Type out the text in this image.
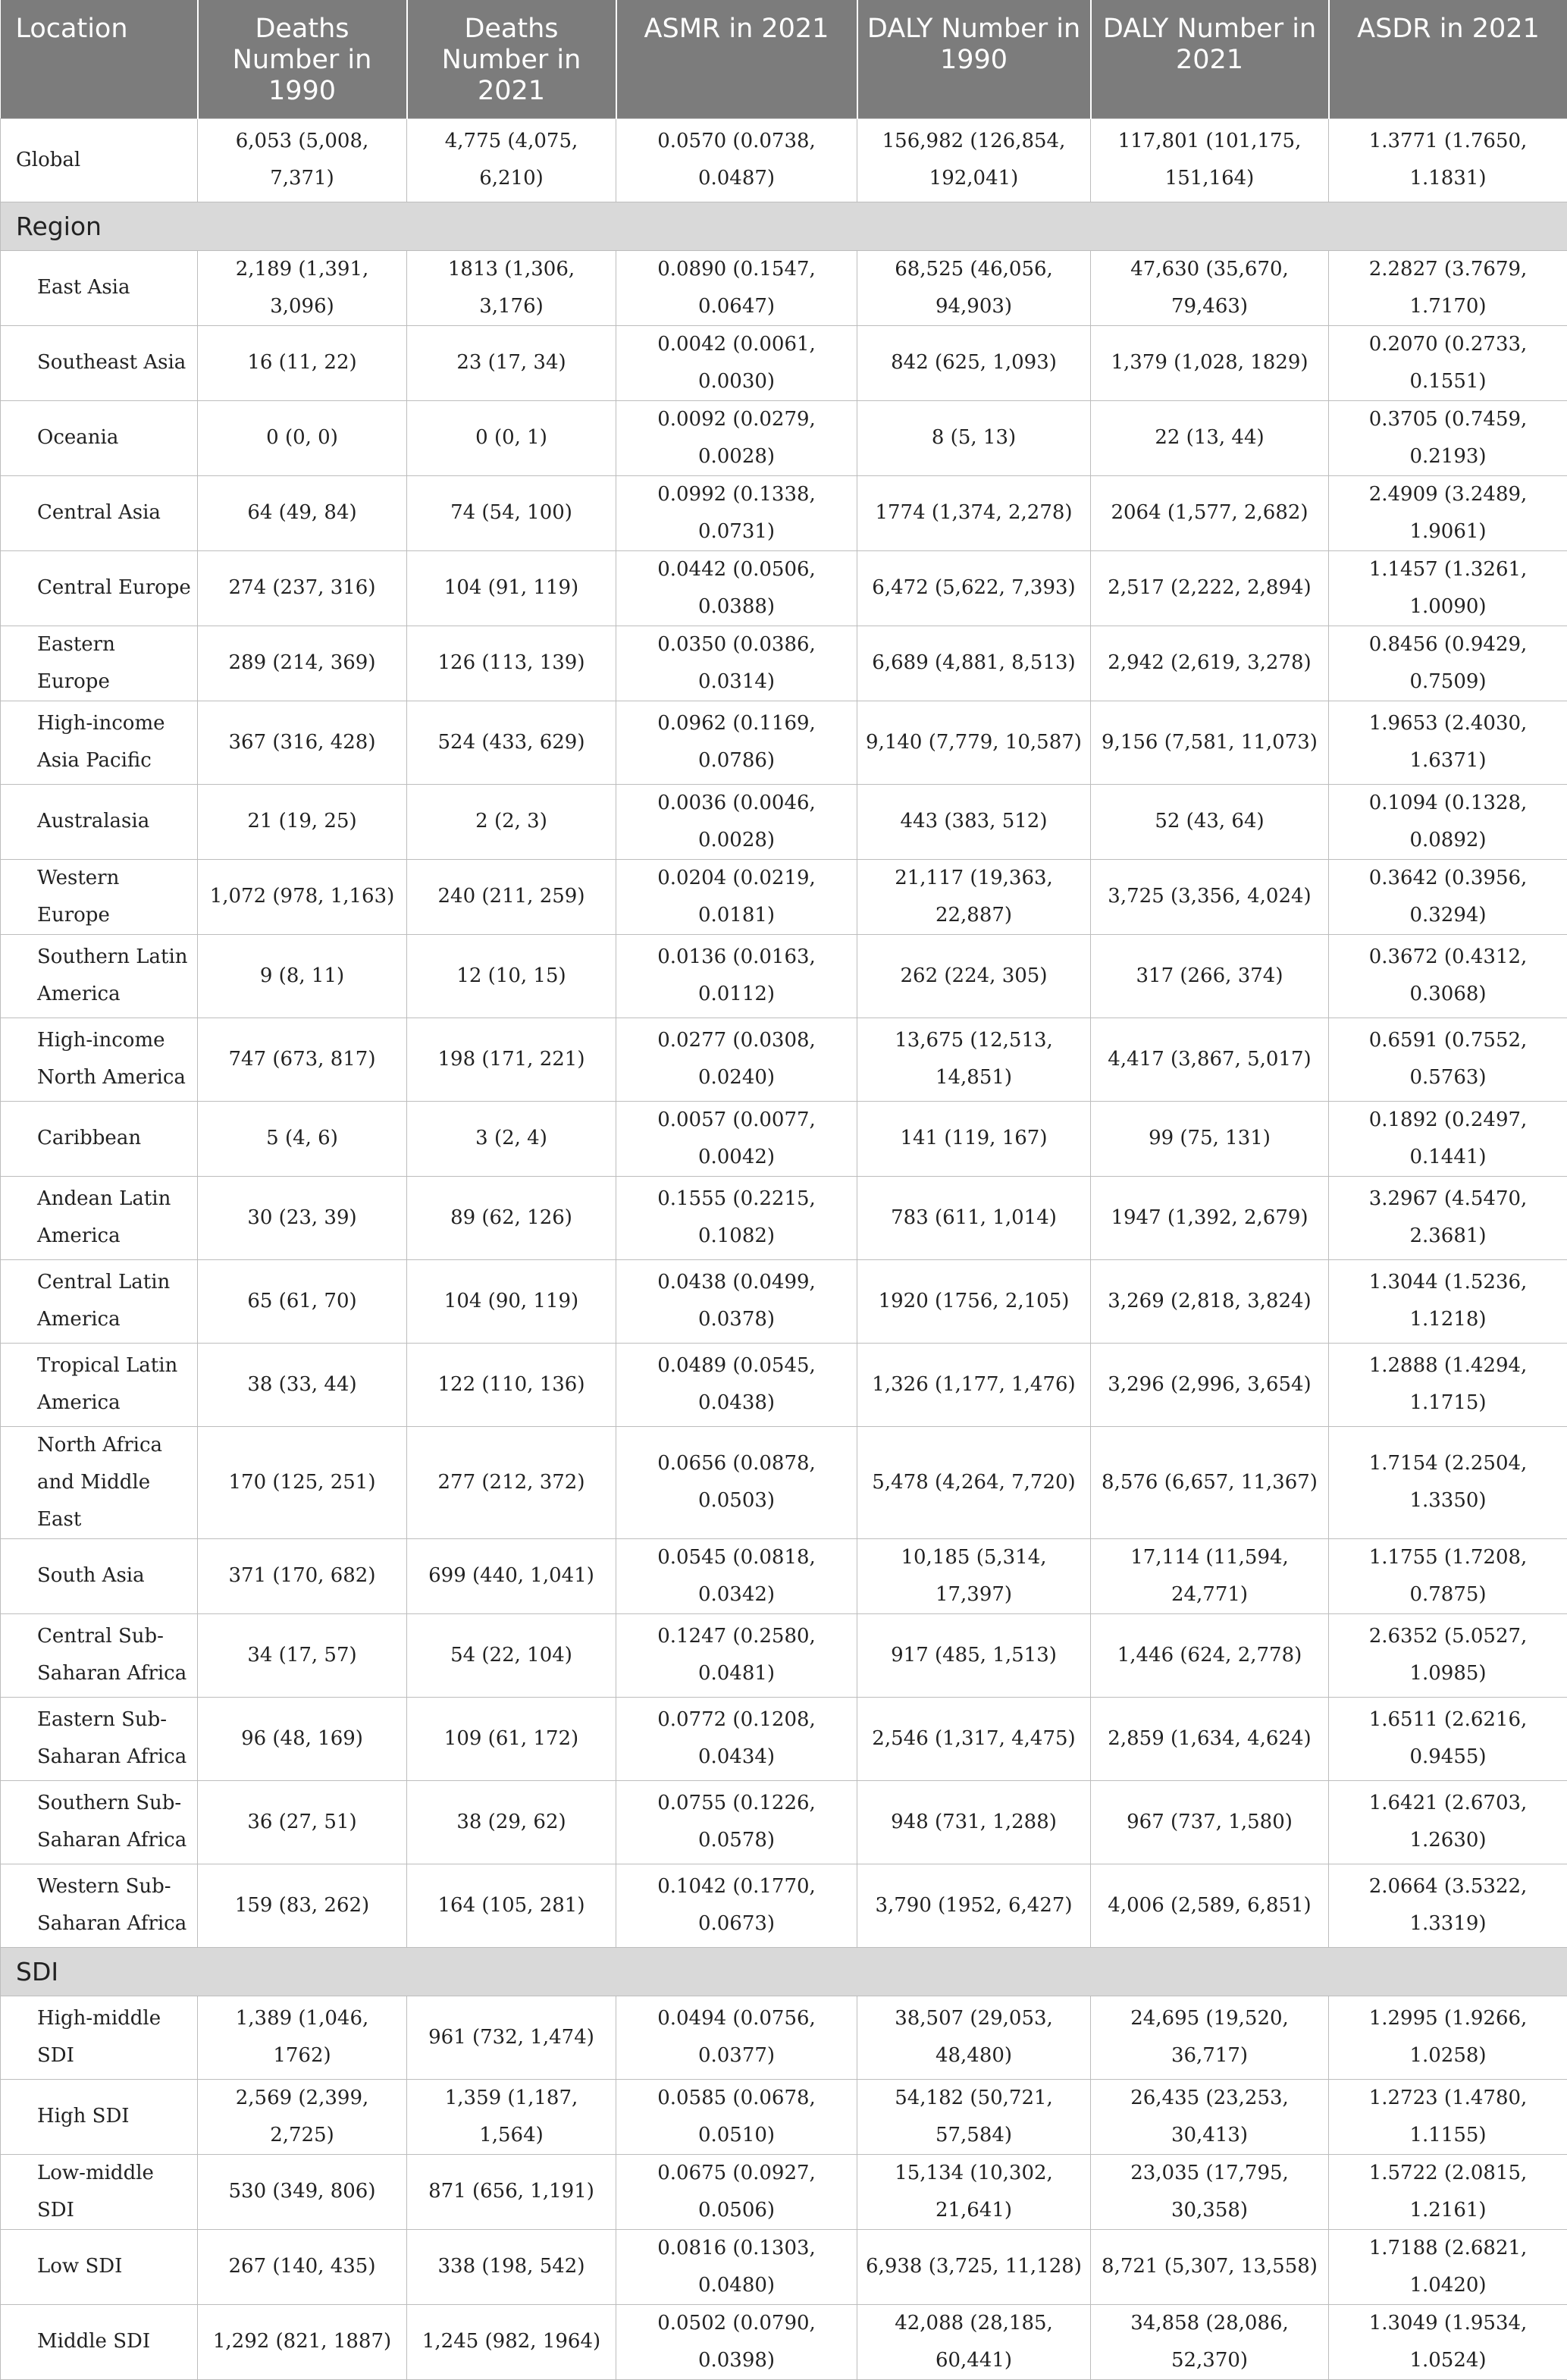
Location	Deaths Number in 1990	Deaths Number in 2021	ASMR in 2021	DALY Number in 1990	DALY Number in 2021	ASDR in 2021
Global	6,053 (5,008, 7,371)	4,775 (4,075, 6,210)	0.0570 (0.0738, 0.0487)	156,982 (126,854, 192,041)	117,801 (101,175, 151,164)	1.3771 (1.7650, 1.1831)
Region						
East Asia	2,189 (1,391, 3,096)	1813 (1,306, 3,176)	0.0890 (0.1547, 0.0647)	68,525 (46,056, 94,903)	47,630 (35,670, 79,463)	2.2827 (3.7679, 1.7170)
Southeast Asia	16 (11, 22)	23 (17, 34)	0.0042 (0.0061, 0.0030)	842 (625, 1,093)	1,379 (1,028, 1829)	0.2070 (0.2733, 0.1551)
Oceania	0 (0, 0)	0 (0, 1)	0.0092 (0.0279, 0.0028)	8 (5, 13)	22 (13, 44)	0.3705 (0.7459, 0.2193)
Central Asia	64 (49, 84)	74 (54, 100)	0.0992 (0.1338, 0.0731)	1774 (1,374, 2,278)	2064 (1,577, 2,682)	2.4909 (3.2489, 1.9061)
Central Europe	274 (237, 316)	104 (91, 119)	0.0442 (0.0506, 0.0388)	6,472 (5,622, 7,393)	2,517 (2,222, 2,894)	1.1457 (1.3261, 1.0090)
Eastern Europe	289 (214, 369)	126 (113, 139)	0.0350 (0.0386, 0.0314)	6,689 (4,881, 8,513)	2,942 (2,619, 3,278)	0.8456 (0.9429, 0.7509)
High-income Asia Pacific	367 (316, 428)	524 (433, 629)	0.0962 (0.1169, 0.0786)	9,140 (7,779, 10,587)	9,156 (7,581, 11,073)	1.9653 (2.4030, 1.6371)
Australasia	21 (19, 25)	2 (2, 3)	0.0036 (0.0046, 0.0028)	443 (383, 512)	52 (43, 64)	0.1094 (0.1328, 0.0892)
Western Europe	1,072 (978, 1,163)	240 (211, 259)	0.0204 (0.0219, 0.0181)	21,117 (19,363, 22,887)	3,725 (3,356, 4,024)	0.3642 (0.3956, 0.3294)
Southern Latin America	9 (8, 11)	12 (10, 15)	0.0136 (0.0163, 0.0112)	262 (224, 305)	317 (266, 374)	0.3672 (0.4312, 0.3068)
High-income North America	747 (673, 817)	198 (171, 221)	0.0277 (0.0308, 0.0240)	13,675 (12,513, 14,851)	4,417 (3,867, 5,017)	0.6591 (0.7552, 0.5763)
Caribbean	5 (4, 6)	3 (2, 4)	0.0057 (0.0077, 0.0042)	141 (119, 167)	99 (75, 131)	0.1892 (0.2497, 0.1441)
Andean Latin America	30 (23, 39)	89 (62, 126)	0.1555 (0.2215, 0.1082)	783 (611, 1,014)	1947 (1,392, 2,679)	3.2967 (4.5470, 2.3681)
Central Latin America	65 (61, 70)	104 (90, 119)	0.0438 (0.0499, 0.0378)	1920 (1756, 2,105)	3,269 (2,818, 3,824)	1.3044 (1.5236, 1.1218)
Tropical Latin America	38 (33, 44)	122 (110, 136)	0.0489 (0.0545, 0.0438)	1,326 (1,177, 1,476)	3,296 (2,996, 3,654)	1.2888 (1.4294, 1.1715)
North Africa and Middle East	170 (125, 251)	277 (212, 372)	0.0656 (0.0878, 0.0503)	5,478 (4,264, 7,720)	8,576 (6,657, 11,367)	1.7154 (2.2504, 1.3350)
South Asia	371 (170, 682)	699 (440, 1,041)	0.0545 (0.0818, 0.0342)	10,185 (5,314, 17,397)	17,114 (11,594, 24,771)	1.1755 (1.7208, 0.7875)
Central Sub-Saharan Africa	34 (17, 57)	54 (22, 104)	0.1247 (0.2580, 0.0481)	917 (485, 1,513)	1,446 (624, 2,778)	2.6352 (5.0527, 1.0985)
Eastern Sub-Saharan Africa	96 (48, 169)	109 (61, 172)	0.0772 (0.1208, 0.0434)	2,546 (1,317, 4,475)	2,859 (1,634, 4,624)	1.6511 (2.6216, 0.9455)
Southern Sub-Saharan Africa	36 (27, 51)	38 (29, 62)	0.0755 (0.1226, 0.0578)	948 (731, 1,288)	967 (737, 1,580)	1.6421 (2.6703, 1.2630)
Western Sub-Saharan Africa	159 (83, 262)	164 (105, 281)	0.1042 (0.1770, 0.0673)	3,790 (1952, 6,427)	4,006 (2,589, 6,851)	2.0664 (3.5322, 1.3319)
SDI						
High-middle SDI	1,389 (1,046, 1762)	961 (732, 1,474)	0.0494 (0.0756, 0.0377)	38,507 (29,053, 48,480)	24,695 (19,520, 36,717)	1.2995 (1.9266, 1.0258)
High SDI	2,569 (2,399, 2,725)	1,359 (1,187, 1,564)	0.0585 (0.0678, 0.0510)	54,182 (50,721, 57,584)	26,435 (23,253, 30,413)	1.2723 (1.4780, 1.1155)
Low-middle SDI	530 (349, 806)	871 (656, 1,191)	0.0675 (0.0927, 0.0506)	15,134 (10,302, 21,641)	23,035 (17,795, 30,358)	1.5722 (2.0815, 1.2161)
Low SDI	267 (140, 435)	338 (198, 542)	0.0816 (0.1303, 0.0480)	6,938 (3,725, 11,128)	8,721 (5,307, 13,558)	1.7188 (2.6821, 1.0420)
Middle SDI	1,292 (821, 1887)	1,245 (982, 1964)	0.0502 (0.0790, 0.0398)	42,088 (28,185, 60,441)	34,858 (28,086, 52,370)	1.3049 (1.9534, 1.0524)
